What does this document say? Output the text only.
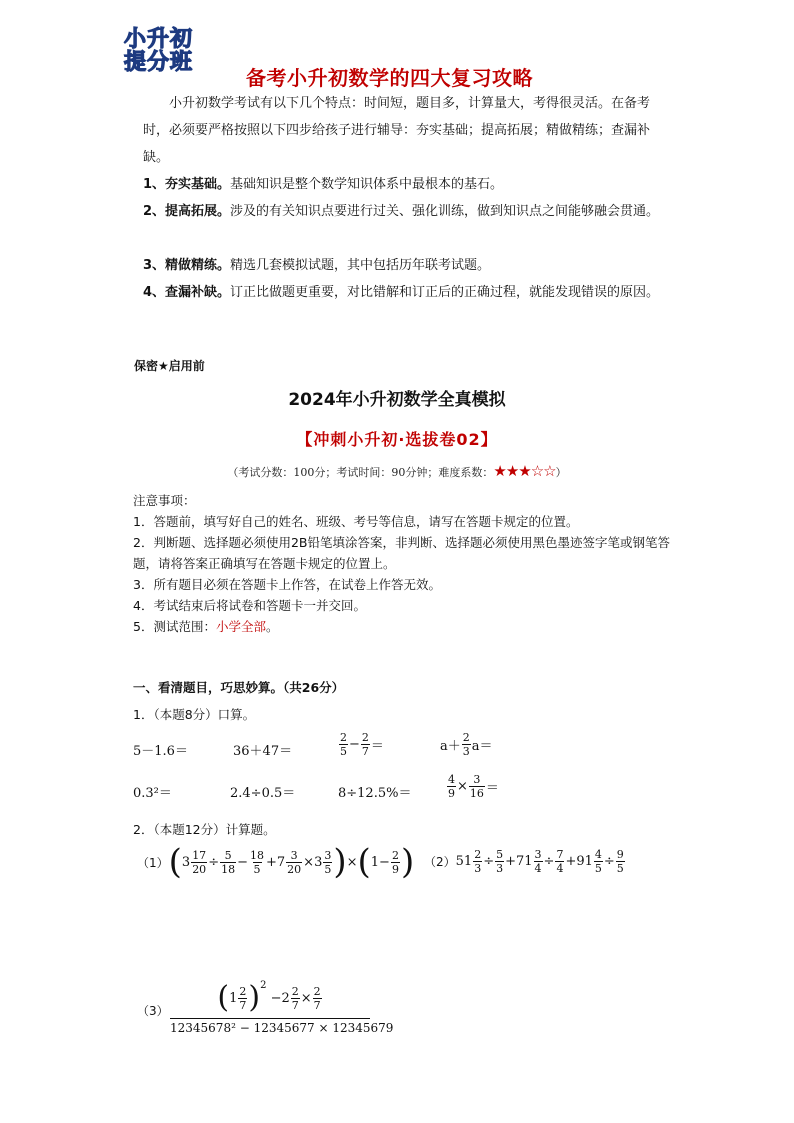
小升初
提分班
备考小升初数学的四大复习攻略
小升初数学考试有以下几个特点：时间短，题目多，计算量大，考得很灵活。在备考时，必须要严格按照以下四步给孩子进行辅导：夯实基础；提高拓展；精做精练；查漏补缺。
1、夯实基础。基础知识是整个数学知识体系中最根本的基石。
2、提高拓展。涉及的有关知识点要进行过关、强化训练，做到知识点之间能够融会贯通。
3、精做精练。精选几套模拟试题，其中包括历年联考试题。
4、查漏补缺。订正比做题更重要，对比错解和订正后的正确过程，就能发现错误的原因。
保密★启用前
2024年小升初数学全真模拟
【冲刺小升初·选拔卷02】
（考试分数：100分；考试时间：90分钟；难度系数：★★★☆☆）
注意事项：
1．答题前，填写好自己的姓名、班级、考号等信息，请写在答题卡规定的位置。
2．判断题、选择题必须使用2B铅笔填涂答案，非判断、选择题必须使用黑色墨迹签字笔或钢笔答题，请将答案正确填写在答题卡规定的位置上。
3．所有题目必须在答题卡上作答，在试卷上作答无效。
4．考试结束后将试卷和答题卡一并交回。
5．测试范围：小学全部。
一、看清题目，巧思妙算。（共26分）
1．（本题8分）口算。
5－1.6＝	36＋47＝	$\frac{2}{5} - \frac{2}{7}$ ＝	$a+ \frac{2}{3} a=$
0.3²＝	2.4÷0.5＝	8÷12.5%＝	$\frac{4}{9} \times \frac{3}{16}$ ＝
2．（本题12分）计算题。
（1） ( $3 \frac{17}{20} \div \frac{5}{18} - \frac{18}{5} +7 \frac{3}{20} \times 3 \frac{3}{5}$ ) × ( $1- \frac{2}{9}$ ) （2） $51 \frac{2}{3} \div \frac{5}{3} +71 \frac{3}{4} \div \frac{7}{4} +91 \frac{4}{5} \div \frac{9}{5}$
（3） ( $1 \frac{2}{7} )^2$
$-2 \frac{2}{7} \times \frac{2}{7}$
12345678² − 12345677 × 12345679
